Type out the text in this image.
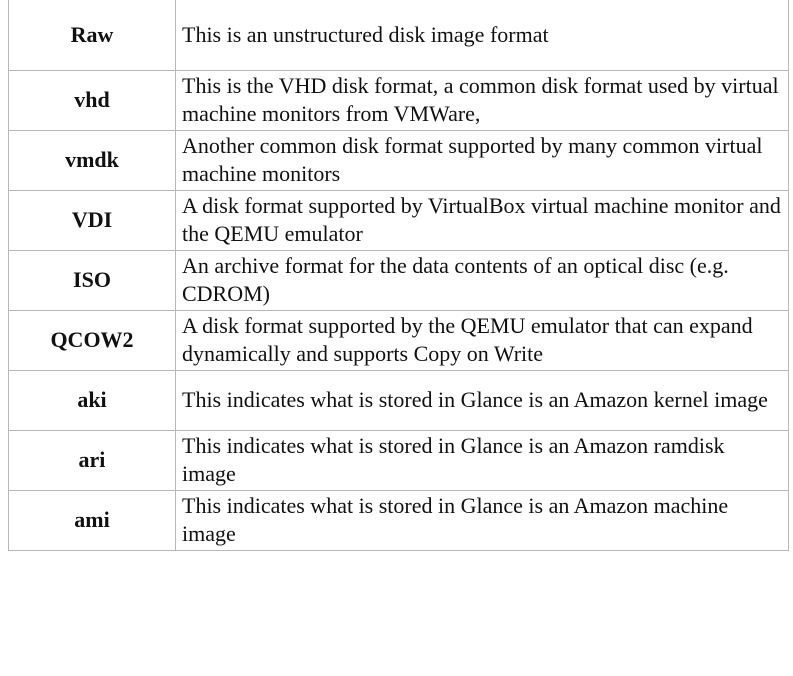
Raw	This is an unstructured disk image format
vhd	This is the VHD disk format, a common disk format used by virtual machine monitors from VMWare,
vmdk	Another common disk format supported by many common virtual machine monitors
VDI	A disk format supported by VirtualBox virtual machine monitor and the QEMU emulator
ISO	An archive format for the data contents of an optical disc (e.g. CDROM)
QCOW2	A disk format supported by the QEMU emulator that can expand dynamically and supports Copy on Write
aki	This indicates what is stored in Glance is an Amazon kernel image
ari	This indicates what is stored in Glance is an Amazon ramdisk image
ami	This indicates what is stored in Glance is an Amazon machine image
